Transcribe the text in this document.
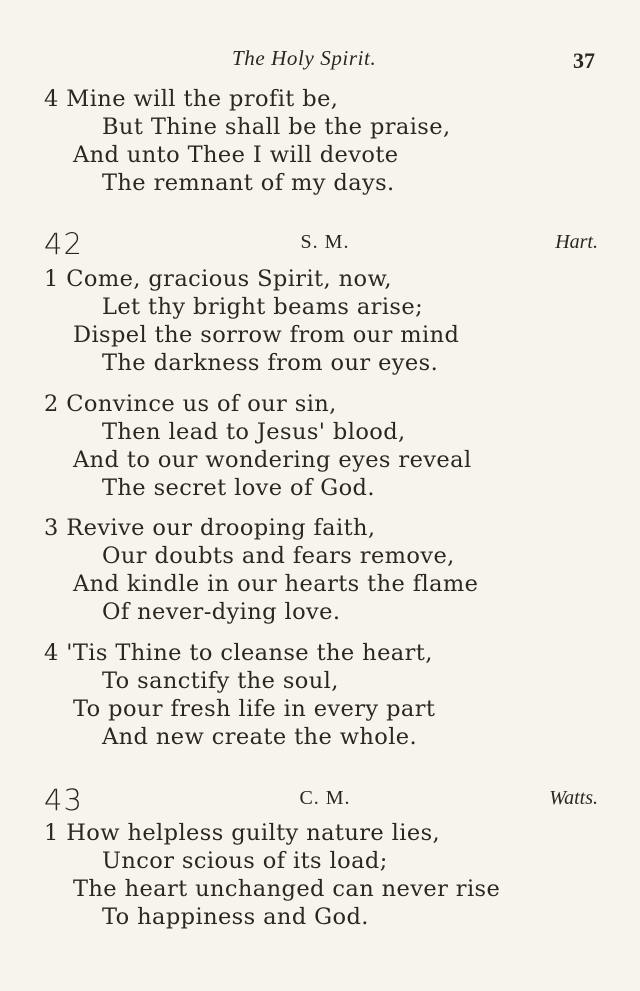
The Holy Spirit.	37
4 Mine will the profit be,
But Thine shall be the praise,
And unto Thee I will devote
The remnant of my days.
42	S. M.	Hart.
1 Come, gracious Spirit, now,
Let thy bright beams arise;
Dispel the sorrow from our mind
The darkness from our eyes.
2 Convince us of our sin,
Then lead to Jesus' blood,
And to our wondering eyes reveal
The secret love of God.
3 Revive our drooping faith,
Our doubts and fears remove,
And kindle in our hearts the flame
Of never-dying love.
4 'Tis Thine to cleanse the heart,
To sanctify the soul,
To pour fresh life in every part
And new create the whole.
43	C. M.	Watts.
1 How helpless guilty nature lies,
Uncor scious of its load;
The heart unchanged can never rise
To happiness and God.
